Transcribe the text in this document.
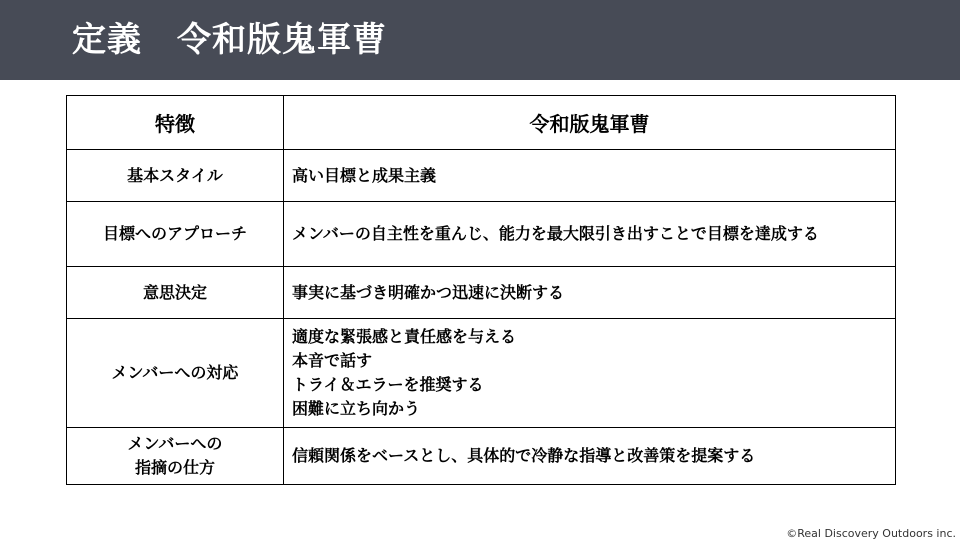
定義　令和版鬼軍曹
特徴	令和版鬼軍曹
基本スタイル	高い目標と成果主義
目標へのアプローチ	メンバーの自主性を重んじ、能力を最大限引き出すことで目標を達成する
意思決定	事実に基づき明確かつ迅速に決断する
メンバーへの対応	適度な緊張感と責任感を与える
本音で話す
トライ＆エラーを推奨する
困難に立ち向かう

メンバーへの
指摘の仕方	信頼関係をベースとし、具体的で冷静な指導と改善策を提案する
©Real Discovery Outdoors inc.
